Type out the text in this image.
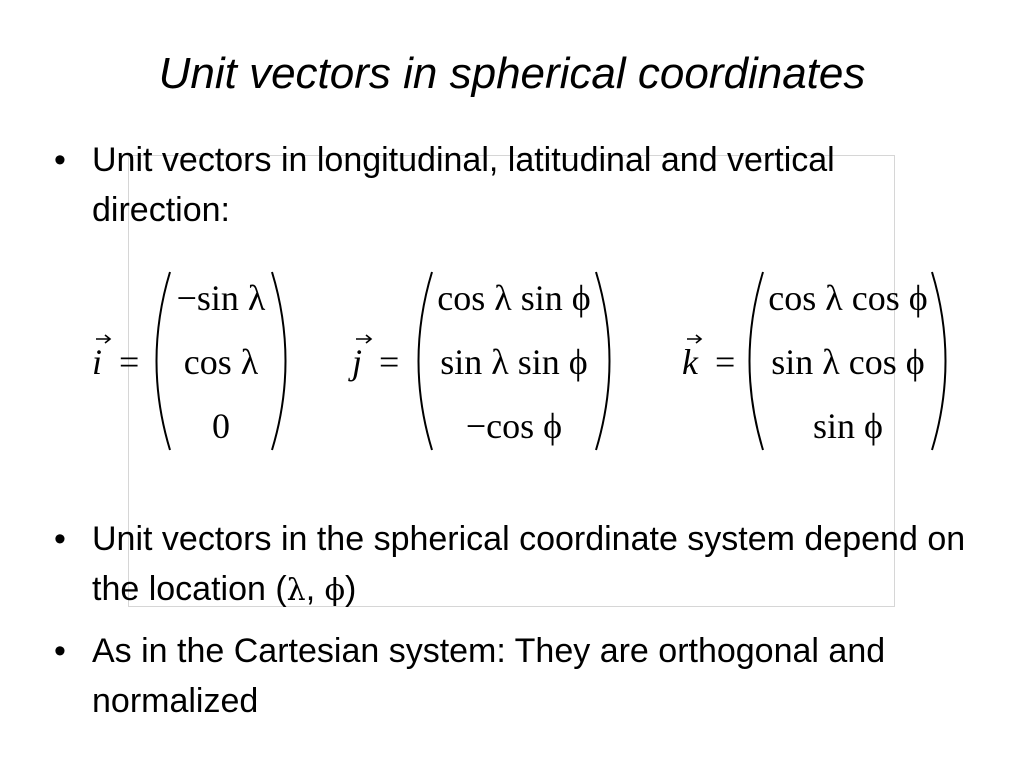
Unit vectors in spherical coordinates
• Unit vectors in longitudinal, latitudinal and vertical direction:
i =
−sin λ
cos λ
0
j =
cos λ sin ϕ
sin λ sin ϕ
−cos ϕ
k =
cos λ cos ϕ
sin λ cos ϕ
sin ϕ
• Unit vectors in the spherical coordinate system depend on the location (λ, ϕ)
• As in the Cartesian system: They are orthogonal and normalized
